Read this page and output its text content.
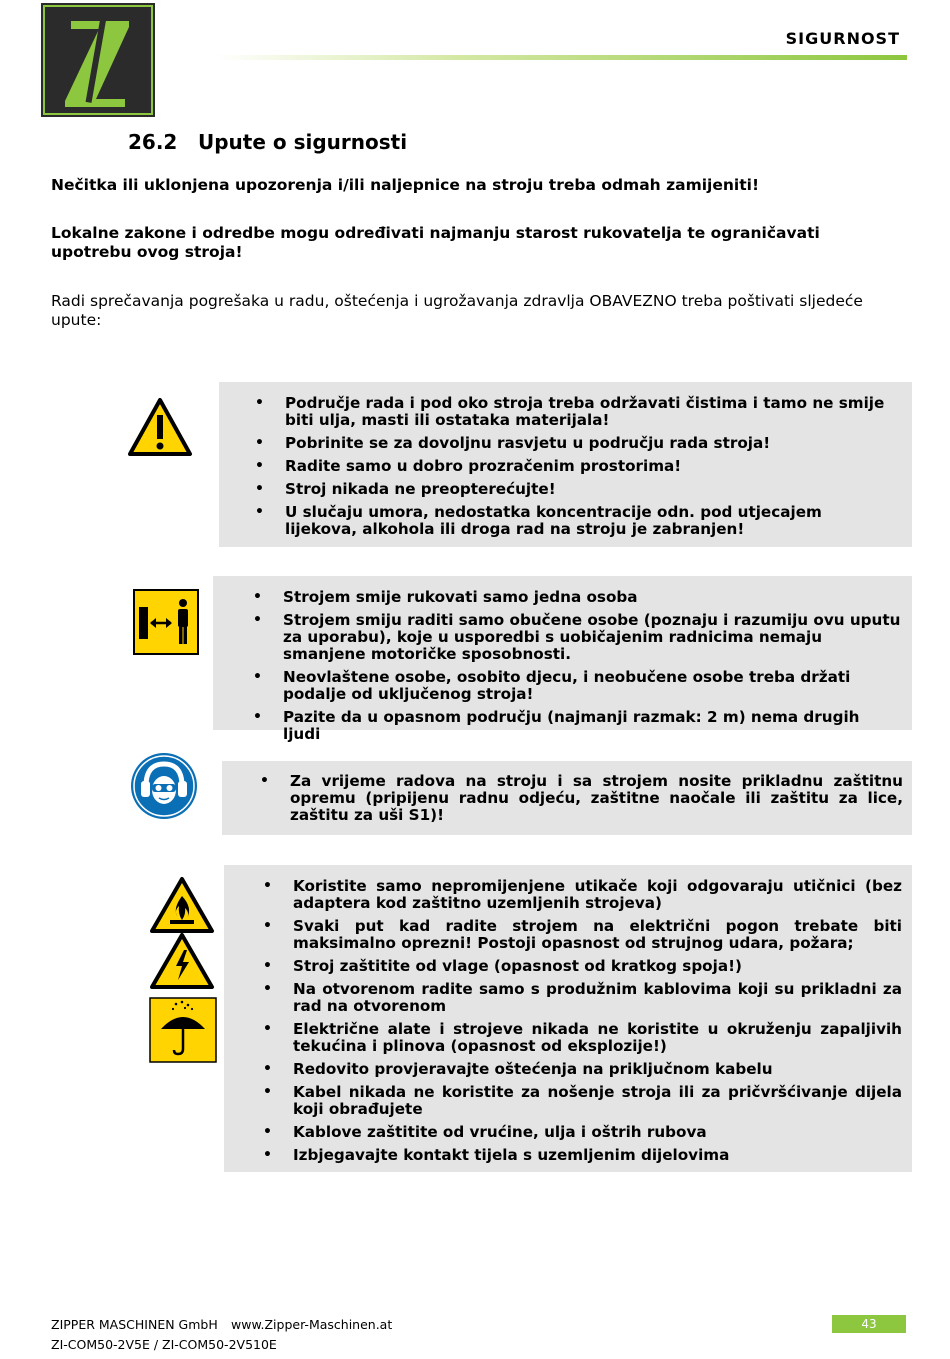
SIGURNOST
26.2 Upute o sigurnosti
Nečitka ili uklonjena upozorenja i/ili naljepnice na stroju treba odmah zamijeniti!
Lokalne zakone i odredbe mogu određivati najmanju starost rukovatelja te ograničavati upotrebu ovog stroja!
Radi sprečavanja pogrešaka u radu, oštećenja i ugrožavanja zdravlja OBAVEZNO treba poštivati sljedeće upute:
• Područje rada i pod oko stroja treba održavati čistima i tamo ne smije biti ulja, masti ili ostataka materijala!
• Pobrinite se za dovoljnu rasvjetu u području rada stroja!
• Radite samo u dobro prozračenim prostorima!
• Stroj nikada ne preopterećujte!
• U slučaju umora, nedostatka koncentracije odn. pod utjecajem lijekova, alkohola ili droga rad na stroju je zabranjen!
• Strojem smije rukovati samo jedna osoba
• Strojem smiju raditi samo obučene osobe (poznaju i razumiju ovu uputu za uporabu), koje u usporedbi s uobičajenim radnicima nemaju smanjene motoričke sposobnosti.
• Neovlaštene osobe, osobito djecu, i neobučene osobe treba držati podalje od uključenog stroja!
• Pazite da u opasnom području (najmanji razmak: 2 m) nema drugih ljudi
• Za vrijeme radova na stroju i sa strojem nosite prikladnu zaštitnu opremu (pripijenu radnu odjeću, zaštitne naočale ili zaštitu za lice, zaštitu za uši S1)!
• Koristite samo nepromijenjene utikače koji odgovaraju utičnici (bez adaptera kod zaštitno uzemljenih strojeva)
• Svaki put kad radite strojem na električni pogon trebate biti maksimalno oprezni! Postoji opasnost od strujnog udara, požara;
• Stroj zaštitite od vlage (opasnost od kratkog spoja!)
• Na otvorenom radite samo s produžnim kablovima koji su prikladni za rad na otvorenom
• Električne alate i strojeve nikada ne koristite u okruženju zapaljivih tekućina i plinova (opasnost od eksplozije!)
• Redovito provjeravajte oštećenja na priključnom kabelu
• Kabel nikada ne koristite za nošenje stroja ili za pričvršćivanje dijela koji obrađujete
• Kablove zaštitite od vrućine, ulja i oštrih rubova
• Izbjegavajte kontakt tijela s uzemljenim dijelovima
ZIPPER MASCHINEN GmbH www.Zipper-Maschinen.at	43
ZI-COM50-2V5E / ZI-COM50-2V510E
